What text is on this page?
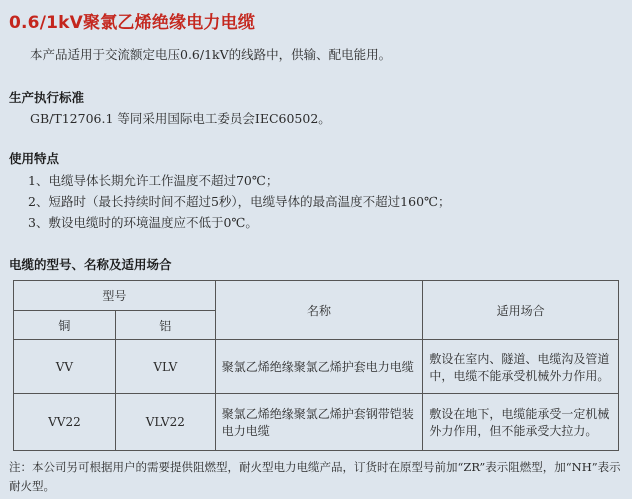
0.6/1kV聚氯乙烯绝缘电力电缆
本产品适用于交流额定电压0.6/1kV的线路中，供输、配电能用。
生产执行标准
GB/T12706.1 等同采用国际电工委员会IEC60502。
使用特点
1、电缆导体长期允许工作温度不超过70℃；
2、短路时（最长持续时间不超过5秒），电缆导体的最高温度不超过160℃；
3、敷设电缆时的环境温度应不低于0℃。
电缆的型号、名称及适用场合
型号		名称	适用场合
铜	铝		
VV	VLV	聚氯乙烯绝缘聚氯乙烯护套电力电缆	敷设在室内、隧道、电缆沟及管道中，电缆不能承受机械外力作用。
VV22	VLV22	聚氯乙烯绝缘聚氯乙烯护套钢带铠装电力电缆	敷设在地下，电缆能承受一定机械外力作用，但不能承受大拉力。
注：本公司另可根据用户的需要提供阻燃型，耐火型电力电缆产品，订货时在原型号前加“ZR”表示阻燃型，加“NH”表示耐火型。
